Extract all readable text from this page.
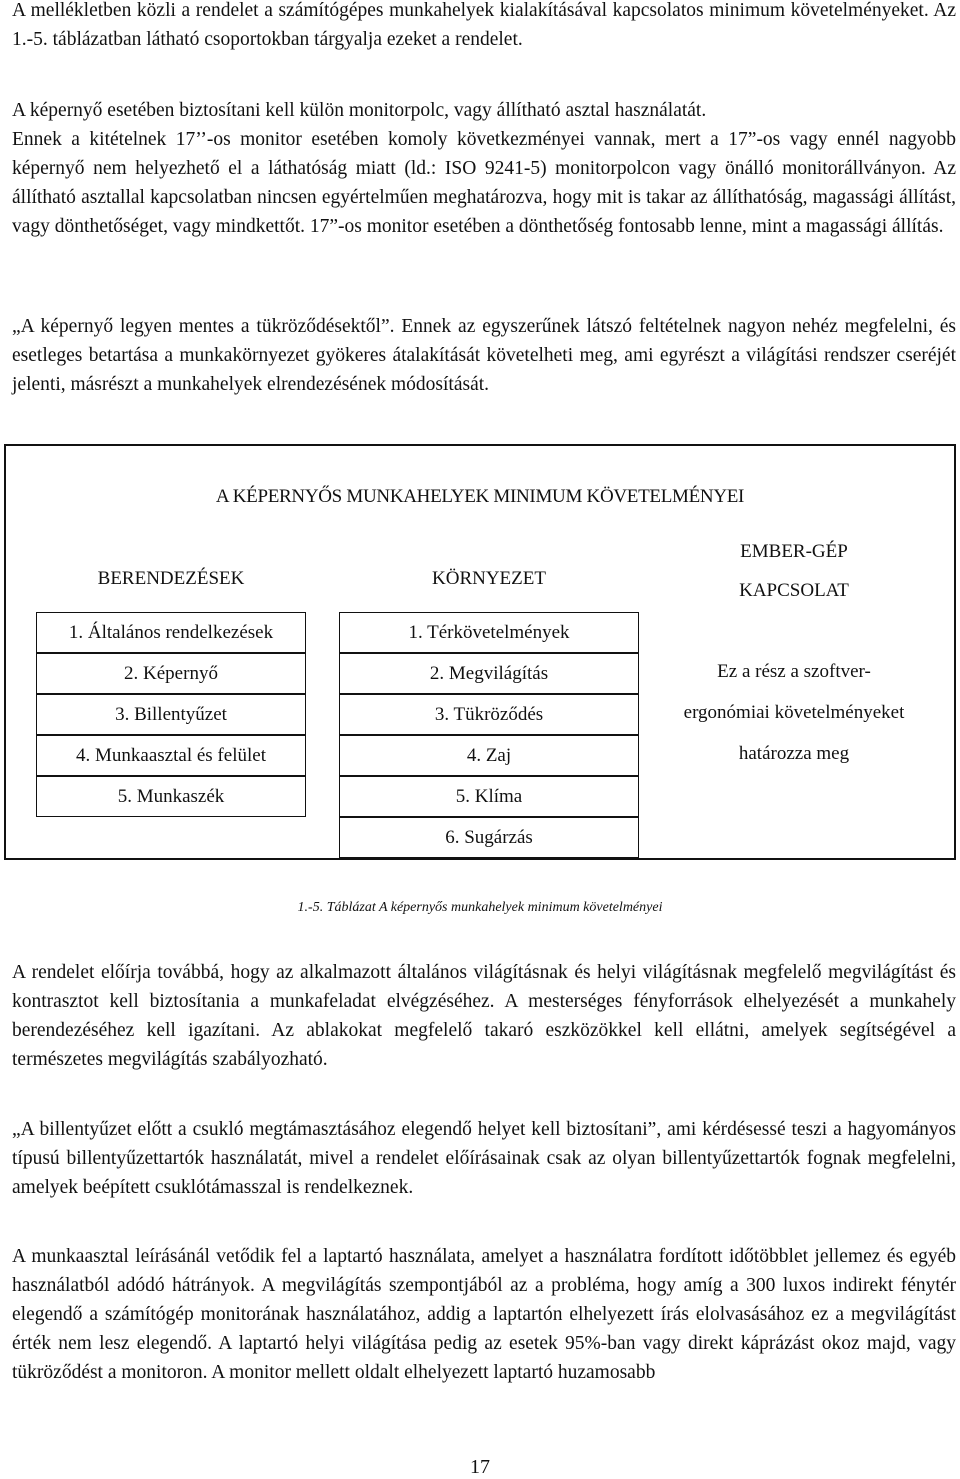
A mellékletben közli a rendelet a számítógépes munkahelyek kialakításával kapcsolatos minimum követelményeket. Az 1.-5. táblázatban látható csoportokban tárgyalja ezeket a rendelet.

A képernyő esetében biztosítani kell külön monitorpolc, vagy állítható asztal használatát.

Ennek a kitételnek 17’’-os monitor esetében komoly következményei vannak, mert a 17”-os vagy ennél nagyobb képernyő nem helyezhető el a láthatóság miatt (ld.: ISO 9241-5) monitorpolcon vagy önálló monitorállványon. Az állítható asztallal kapcsolatban nincsen egyértelműen meghatározva, hogy mit is takar az állíthatóság, magassági állítást, vagy dönthetőséget, vagy mindkettőt. 17”-os monitor esetében a dönthetőség fontosabb lenne, mint a magassági állítás.

„A képernyő legyen mentes a tükröződésektől”. Ennek az egyszerűnek látszó feltételnek nagyon nehéz megfelelni, és esetleges betartása a munkakörnyezet gyökeres átalakítását követelheti meg, ami egyrészt a világítási rendszer cseréjét jelenti, másrészt a munkahelyek elrendezésének módosítását.

A KÉPERNYŐS MUNKAHELYEK MINIMUM KÖVETELMÉNYEI
BERENDEZÉSEK	KÖRNYEZET
EMBER-GÉP
KAPCSOLAT
1. Általános rendelkezések
2. Képernyő
3. Billentyűzet
4. Munkaasztal és felület
5. Munkaszék
1. Térkövetelmények
2. Megvilágítás
3. Tükröződés
4. Zaj
5. Klíma
6. Sugárzás
Ez a rész a szoftver-
ergonómiai követelményeket
határozza meg
1.-5. Táblázat A képernyős munkahelyek minimum követelményei

A rendelet előírja továbbá, hogy az alkalmazott általános világításnak és helyi világításnak megfelelő megvilágítást és kontrasztot kell biztosítania a munkafeladat elvégzéséhez. A mesterséges fényforrások elhelyezését a munkahely berendezéséhez kell igazítani. Az ablakokat megfelelő takaró eszközökkel kell ellátni, amelyek segítségével a természetes megvilágítás szabályozható.

„A billentyűzet előtt a csukló megtámasztásához elegendő helyet kell biztosítani”, ami kérdésessé teszi a hagyományos típusú billentyűzettartók használatát, mivel a rendelet előírásainak csak az olyan billentyűzettartók fognak megfelelni, amelyek beépített csuklótámasszal is rendelkeznek.

A munkaasztal leírásánál vetődik fel a laptartó használata, amelyet a használatra fordított időtöbblet jellemez és egyéb használatból adódó hátrányok. A megvilágítás szempontjából az a probléma, hogy amíg a 300 luxos indirekt fénytér elegendő a számítógép monitorának használatához, addig a laptartón elhelyezett írás elolvasásához ez a megvilágítást érték nem lesz elegendő. A laptartó helyi világítása pedig az esetek 95%-ban vagy direkt káprázást okoz majd, vagy tükröződést a monitoron. A monitor mellett oldalt elhelyezett laptartó huzamosabb

17
